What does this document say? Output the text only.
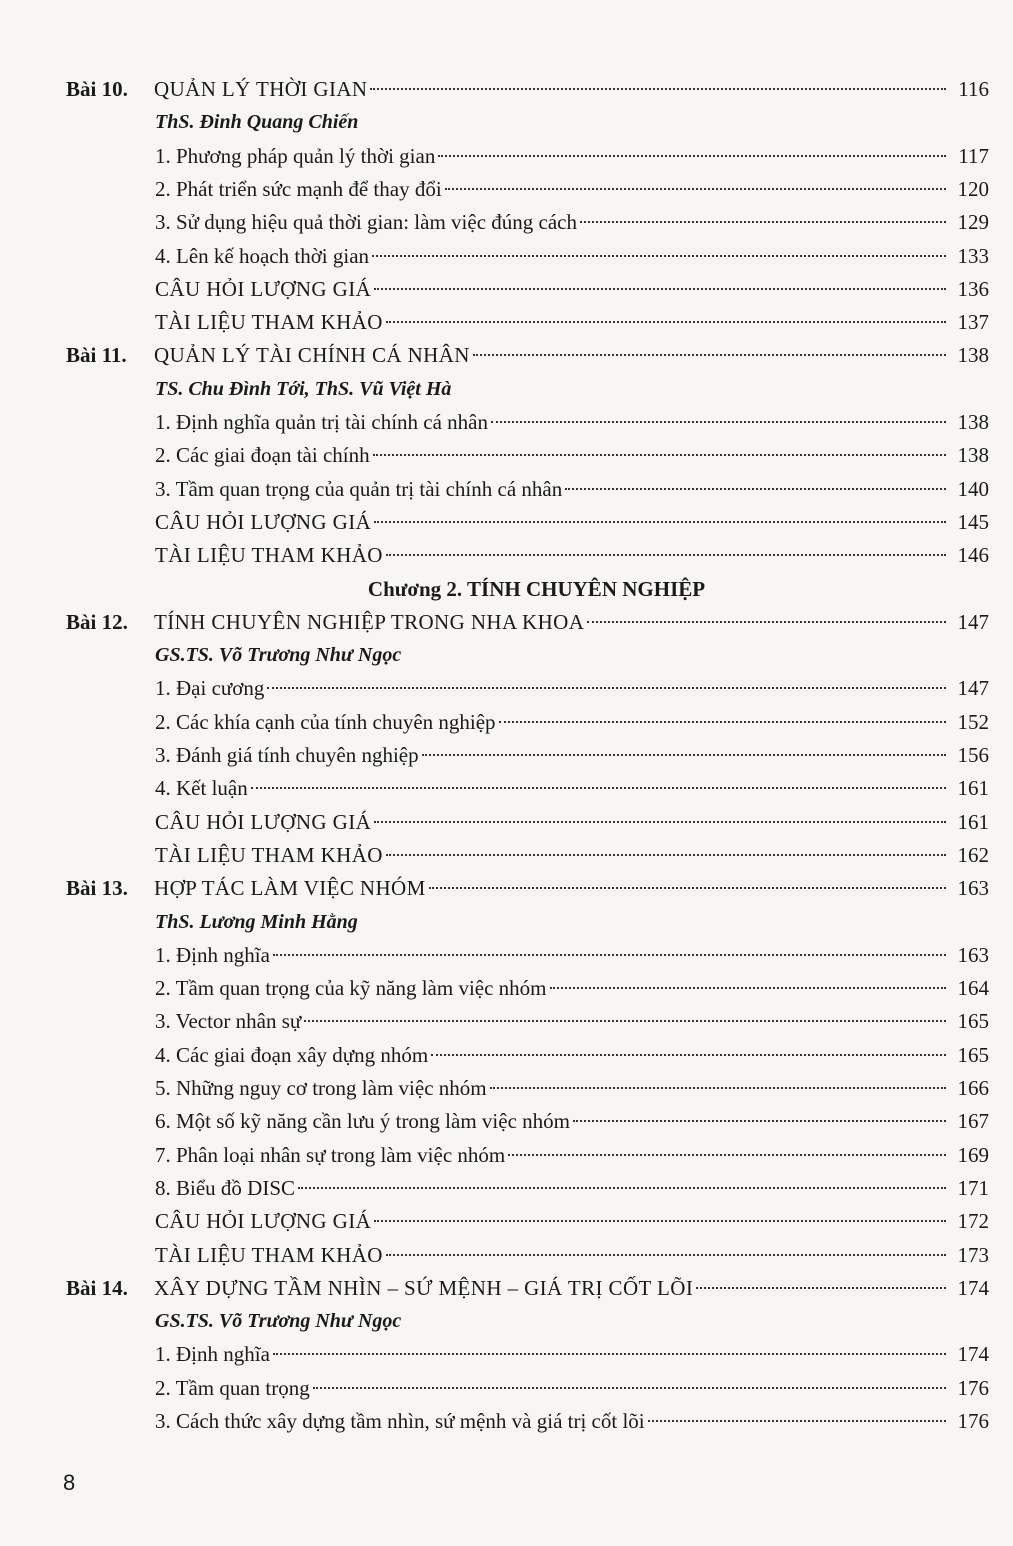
Bài 10. QUẢN LÝ THỜI GIAN	116
ThS. Đinh Quang Chiến
1. Phương pháp quản lý thời gian	117
2. Phát triển sức mạnh để thay đổi	120
3. Sử dụng hiệu quả thời gian: làm việc đúng cách	129
4. Lên kế hoạch thời gian	133
CÂU HỎI LƯỢNG GIÁ	136
TÀI LIỆU THAM KHẢO	137
Bài 11. QUẢN LÝ TÀI CHÍNH CÁ NHÂN	138
TS. Chu Đình Tới, ThS. Vũ Việt Hà
1. Định nghĩa quản trị tài chính cá nhân	138
2. Các giai đoạn tài chính	138
3. Tầm quan trọng của quản trị tài chính cá nhân	140
CÂU HỎI LƯỢNG GIÁ	145
TÀI LIỆU THAM KHẢO	146
Chương 2. TÍNH CHUYÊN NGHIỆP
Bài 12. TÍNH CHUYÊN NGHIỆP TRONG NHA KHOA	147
GS.TS. Võ Trương Như Ngọc
1. Đại cương	147
2. Các khía cạnh của tính chuyên nghiệp	152
3. Đánh giá tính chuyên nghiệp	156
4. Kết luận	161
CÂU HỎI LƯỢNG GIÁ	161
TÀI LIỆU THAM KHẢO	162
Bài 13. HỢP TÁC LÀM VIỆC NHÓM	163
ThS. Lương Minh Hằng
1. Định nghĩa	163
2. Tầm quan trọng của kỹ năng làm việc nhóm	164
3. Vector nhân sự	165
4. Các giai đoạn xây dựng nhóm	165
5. Những nguy cơ trong làm việc nhóm	166
6. Một số kỹ năng cần lưu ý trong làm việc nhóm	167
7. Phân loại nhân sự trong làm việc nhóm	169
8. Biểu đồ DISC	171
CÂU HỎI LƯỢNG GIÁ	172
TÀI LIỆU THAM KHẢO	173
Bài 14. XÂY DỰNG TẦM NHÌN – SỨ MỆNH – GIÁ TRỊ CỐT LÕI	174
GS.TS. Võ Trương Như Ngọc
1. Định nghĩa	174
2. Tầm quan trọng	176
3. Cách thức xây dựng tầm nhìn, sứ mệnh và giá trị cốt lõi	176
8
